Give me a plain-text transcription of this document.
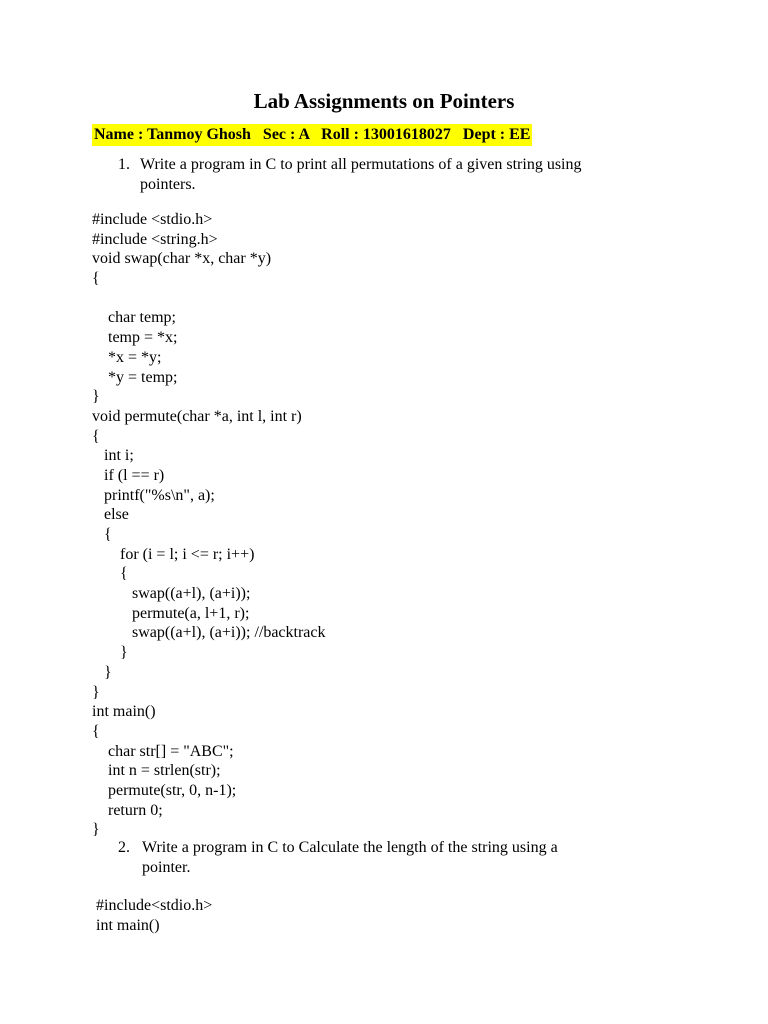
Lab Assignments on Pointers
Name : Tanmoy Ghosh   Sec : A   Roll : 13001618027   Dept : EE
1. Write a program in C to print all permutations of a given string using
pointers.
#include <stdio.h>
#include <string.h>
void swap(char *x, char *y)
{
char temp;
temp = *x;
*x = *y;
*y = temp;
}
void permute(char *a, int l, int r)
{
int i;
if (l == r)
printf("%s\n", a);
else
{
for (i = l; i <= r; i++)
{
swap((a+l), (a+i));
permute(a, l+1, r);
swap((a+l), (a+i)); //backtrack
}
}
}
int main()
{
char str[] = "ABC";
int n = strlen(str);
permute(str, 0, n-1);
return 0;
}
2. Write a program in C to Calculate the length of the string using a
pointer.
#include<stdio.h>
int main()
